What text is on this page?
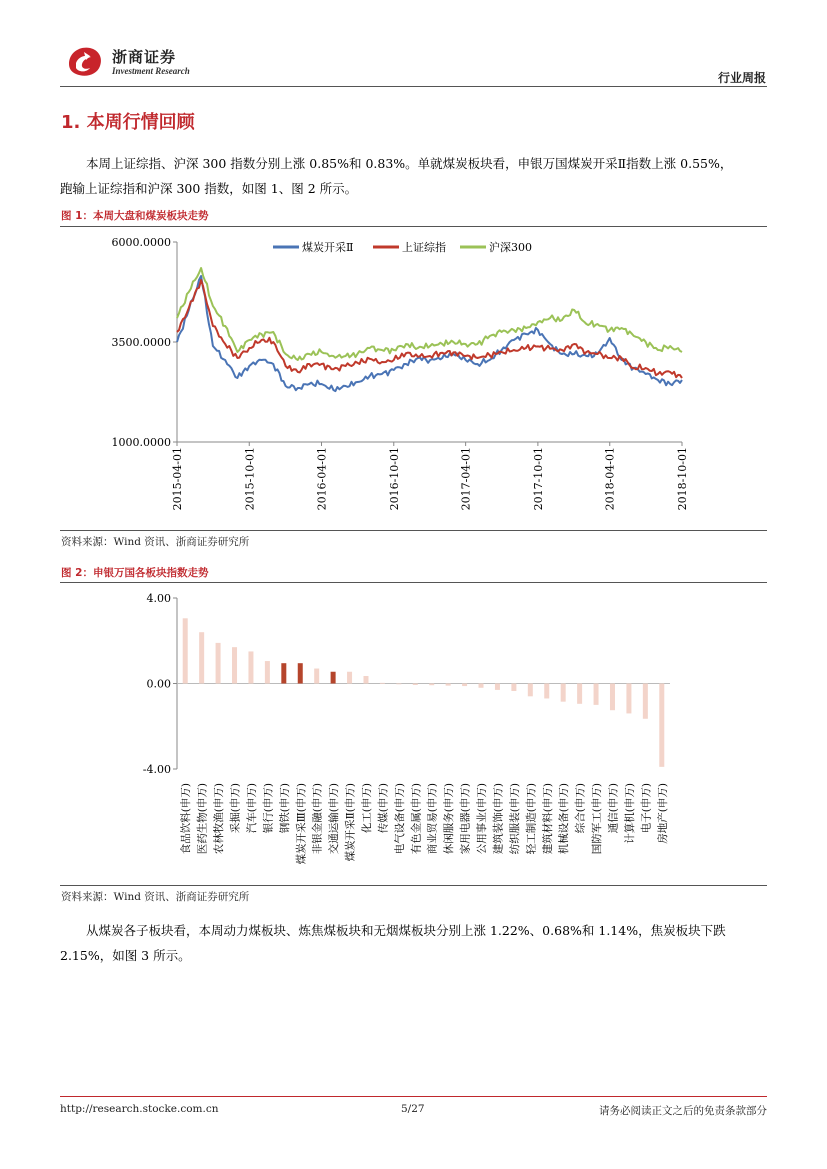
浙商证券
Investment Research	行业周报
1. 本周行情回顾
本周上证综指、沪深 300 指数分别上涨 0.85%和 0.83%。单就煤炭板块看，申银万国煤炭开采Ⅱ指数上涨 0.55%，
跑输上证综指和沪深 300 指数，如图 1、图 2 所示。
图 1：本周大盘和煤炭板块走势
6000.0000
3500.0000
1000.0000
2015-04-01	2015-10-01	2016-04-01	2016-10-01	2017-04-01	2017-10-01	2018-04-01	2018-10-01
煤炭开采Ⅱ	上证综指	沪深300
资料来源：Wind 资讯、浙商证券研究所
图 2：申银万国各板块指数走势
4.00
0.00
-4.00
食品饮料(申万) 医药生物(申万) 农林牧渔(申万) 采掘(申万) 汽车(申万) 银行(申万) 钢铁(申万) 煤炭开采Ⅲ(申万) 非银金融(申万) 交通运输(申万) 煤炭开采Ⅱ(申万) 化工(申万) 传媒(申万) 电气设备(申万) 有色金属(申万) 商业贸易(申万) 休闲服务(申万) 家用电器(申万) 公用事业(申万) 建筑装饰(申万) 纺织服装(申万) 轻工制造(申万) 建筑材料(申万) 机械设备(申万) 综合(申万) 国防军工(申万) 通信(申万) 计算机(申万) 电子(申万) 房地产(申万)
资料来源：Wind 资讯、浙商证券研究所
从煤炭各子板块看，本周动力煤板块、炼焦煤板块和无烟煤板块分别上涨 1.22%、0.68%和 1.14%，焦炭板块下跌
2.15%，如图 3 所示。
http://research.stocke.com.cn	5/27	请务必阅读正文之后的免责条款部分
